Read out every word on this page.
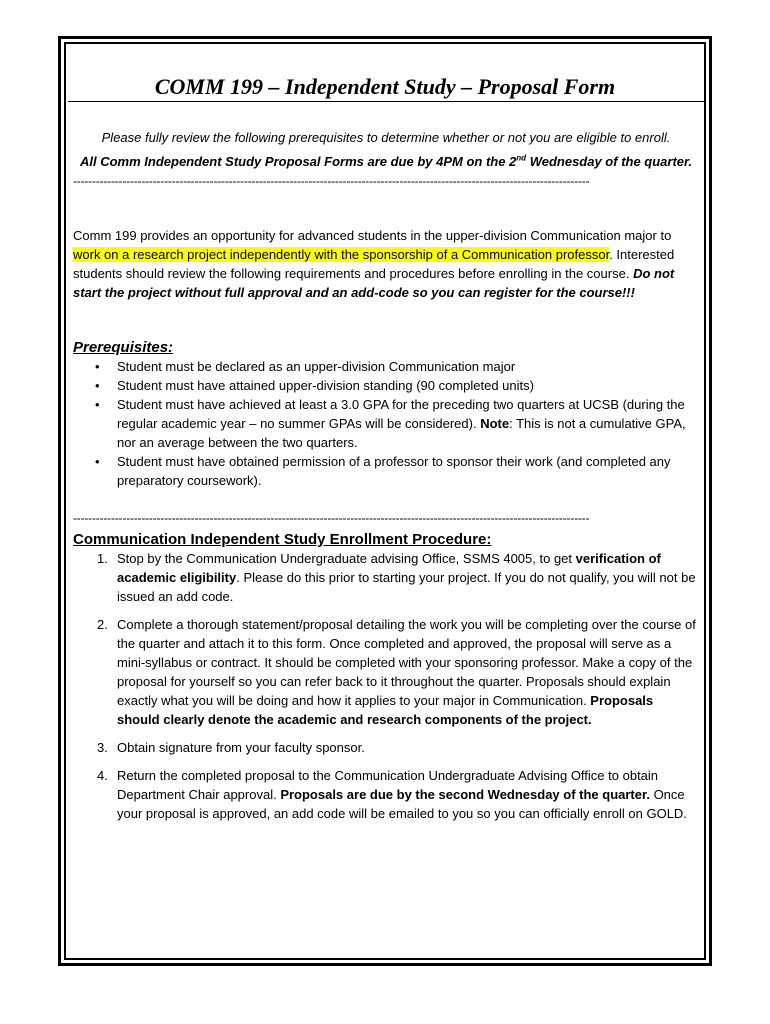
COMM 199 – Independent Study – Proposal Form

Please fully review the following prerequisites to determine whether or not you are eligible to enroll.

All Comm Independent Study Proposal Forms are due by 4PM on the 2nd Wednesday of the quarter.

----------------------------------------------------------------------------------------------------------------------------------------

Comm 199 provides an opportunity for advanced students in the upper-division Communication major to work on a research project independently with the sponsorship of a Communication professor. Interested students should review the following requirements and procedures before enrolling in the course. Do not start the project without full approval and an add-code so you can register for the course!!!

Prerequisites:

• Student must be declared as an upper-division Communication major
• Student must have attained upper-division standing (90 completed units)
• Student must have achieved at least a 3.0 GPA for the preceding two quarters at UCSB (during the regular academic year – no summer GPAs will be considered). Note: This is not a cumulative GPA, nor an average between the two quarters.
• Student must have obtained permission of a professor to sponsor their work (and completed any preparatory coursework).

----------------------------------------------------------------------------------------------------------------------------------------

Communication Independent Study Enrollment Procedure:

1. Stop by the Communication Undergraduate advising Office, SSMS 4005, to get verification of academic eligibility. Please do this prior to starting your project. If you do not qualify, you will not be issued an add code.
2. Complete a thorough statement/proposal detailing the work you will be completing over the course of the quarter and attach it to this form. Once completed and approved, the proposal will serve as a mini-syllabus or contract. It should be completed with your sponsoring professor. Make a copy of the proposal for yourself so you can refer back to it throughout the quarter. Proposals should explain exactly what you will be doing and how it applies to your major in Communication. Proposals should clearly denote the academic and research components of the project.
3. Obtain signature from your faculty sponsor.
4. Return the completed proposal to the Communication Undergraduate Advising Office to obtain Department Chair approval. Proposals are due by the second Wednesday of the quarter. Once your proposal is approved, an add code will be emailed to you so you can officially enroll on GOLD.
